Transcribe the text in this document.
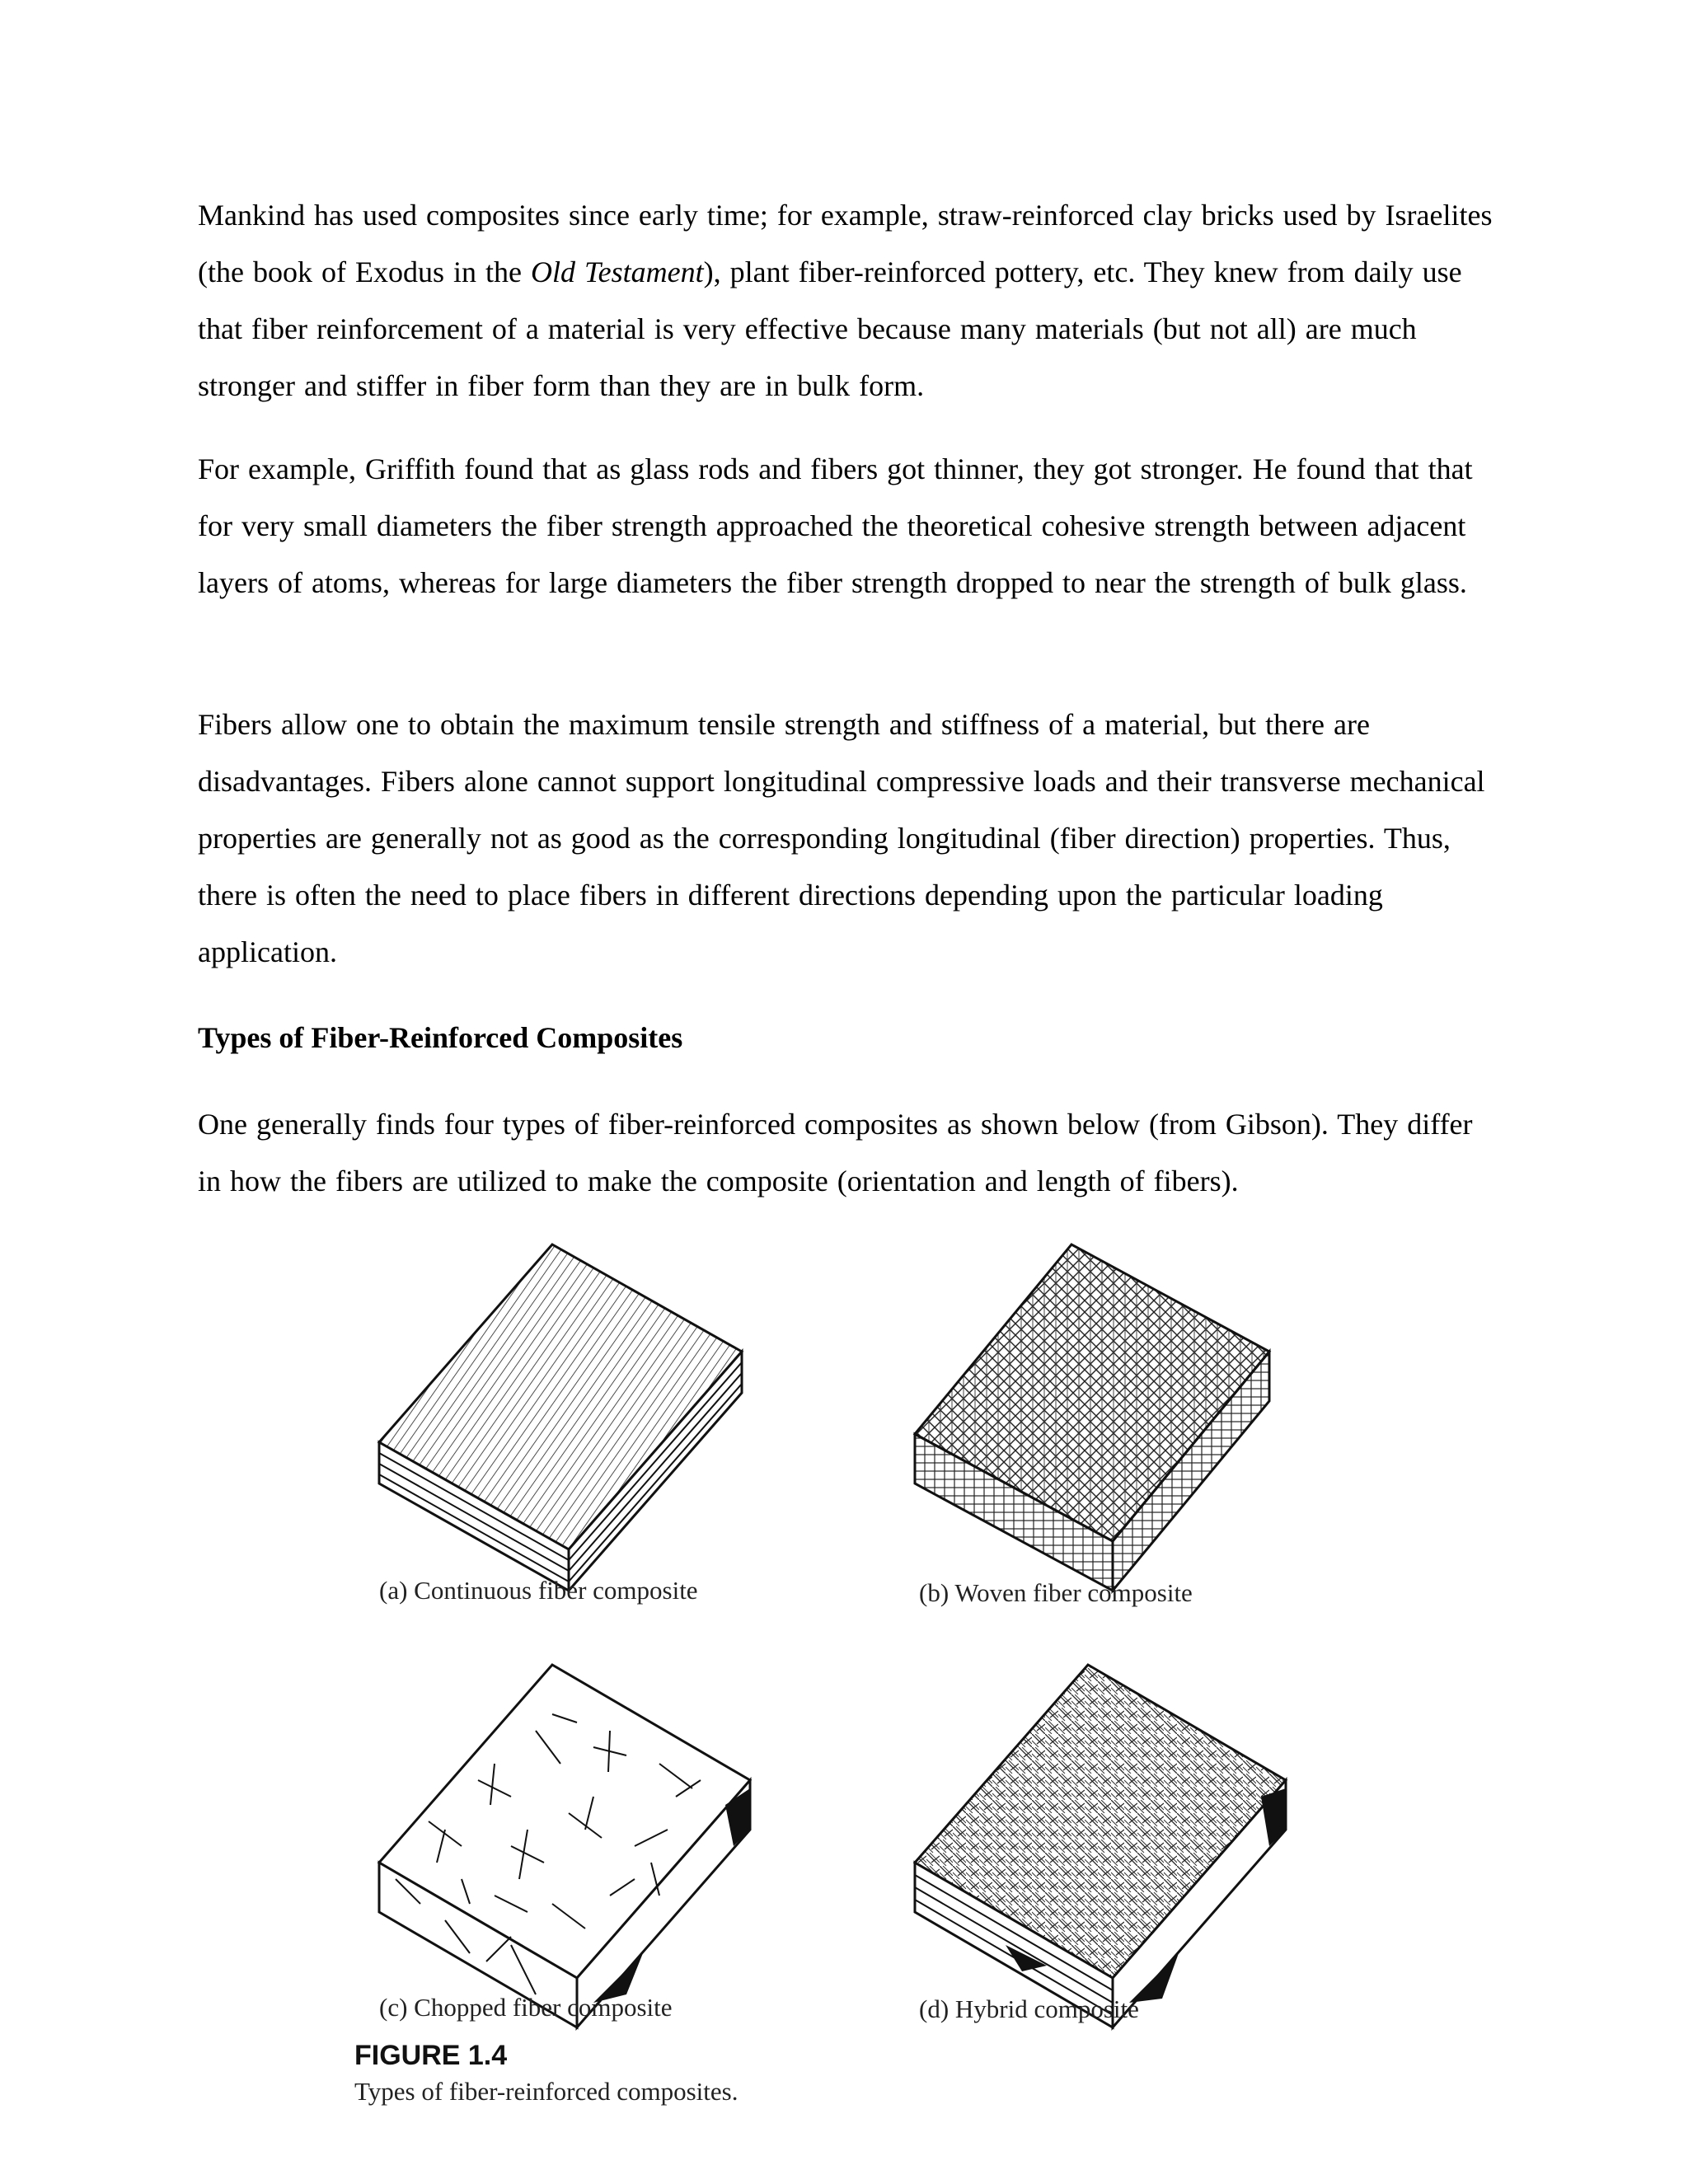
Mankind has used composites since early time; for example, straw-reinforced clay bricks used by Israelites (the book of Exodus in the Old Testament), plant fiber-reinforced pottery, etc. They knew from daily use that fiber reinforcement of a material is very effective because many materials (but not all) are much stronger and stiffer in fiber form than they are in bulk form.

For example, Griffith found that as glass rods and fibers got thinner, they got stronger. He found that that for very small diameters the fiber strength approached the theoretical cohesive strength between adjacent layers of atoms, whereas for large diameters the fiber strength dropped to near the strength of bulk glass.

Fibers allow one to obtain the maximum tensile strength and stiffness of a material, but there are disadvantages. Fibers alone cannot support longitudinal compressive loads and their transverse mechanical properties are generally not as good as the corresponding longitudinal (fiber direction) properties. Thus, there is often the need to place fibers in different directions depending upon the particular loading application.

Types of Fiber-Reinforced Composites

One generally finds four types of fiber-reinforced composites as shown below (from Gibson). They differ in how the fibers are utilized to make the composite (orientation and length of fibers).

(a) Continuous fiber composite	(b) Woven fiber composite
(c) Chopped fiber composite	(d) Hybrid composite
FIGURE 1.4
Types of fiber-reinforced composites.
